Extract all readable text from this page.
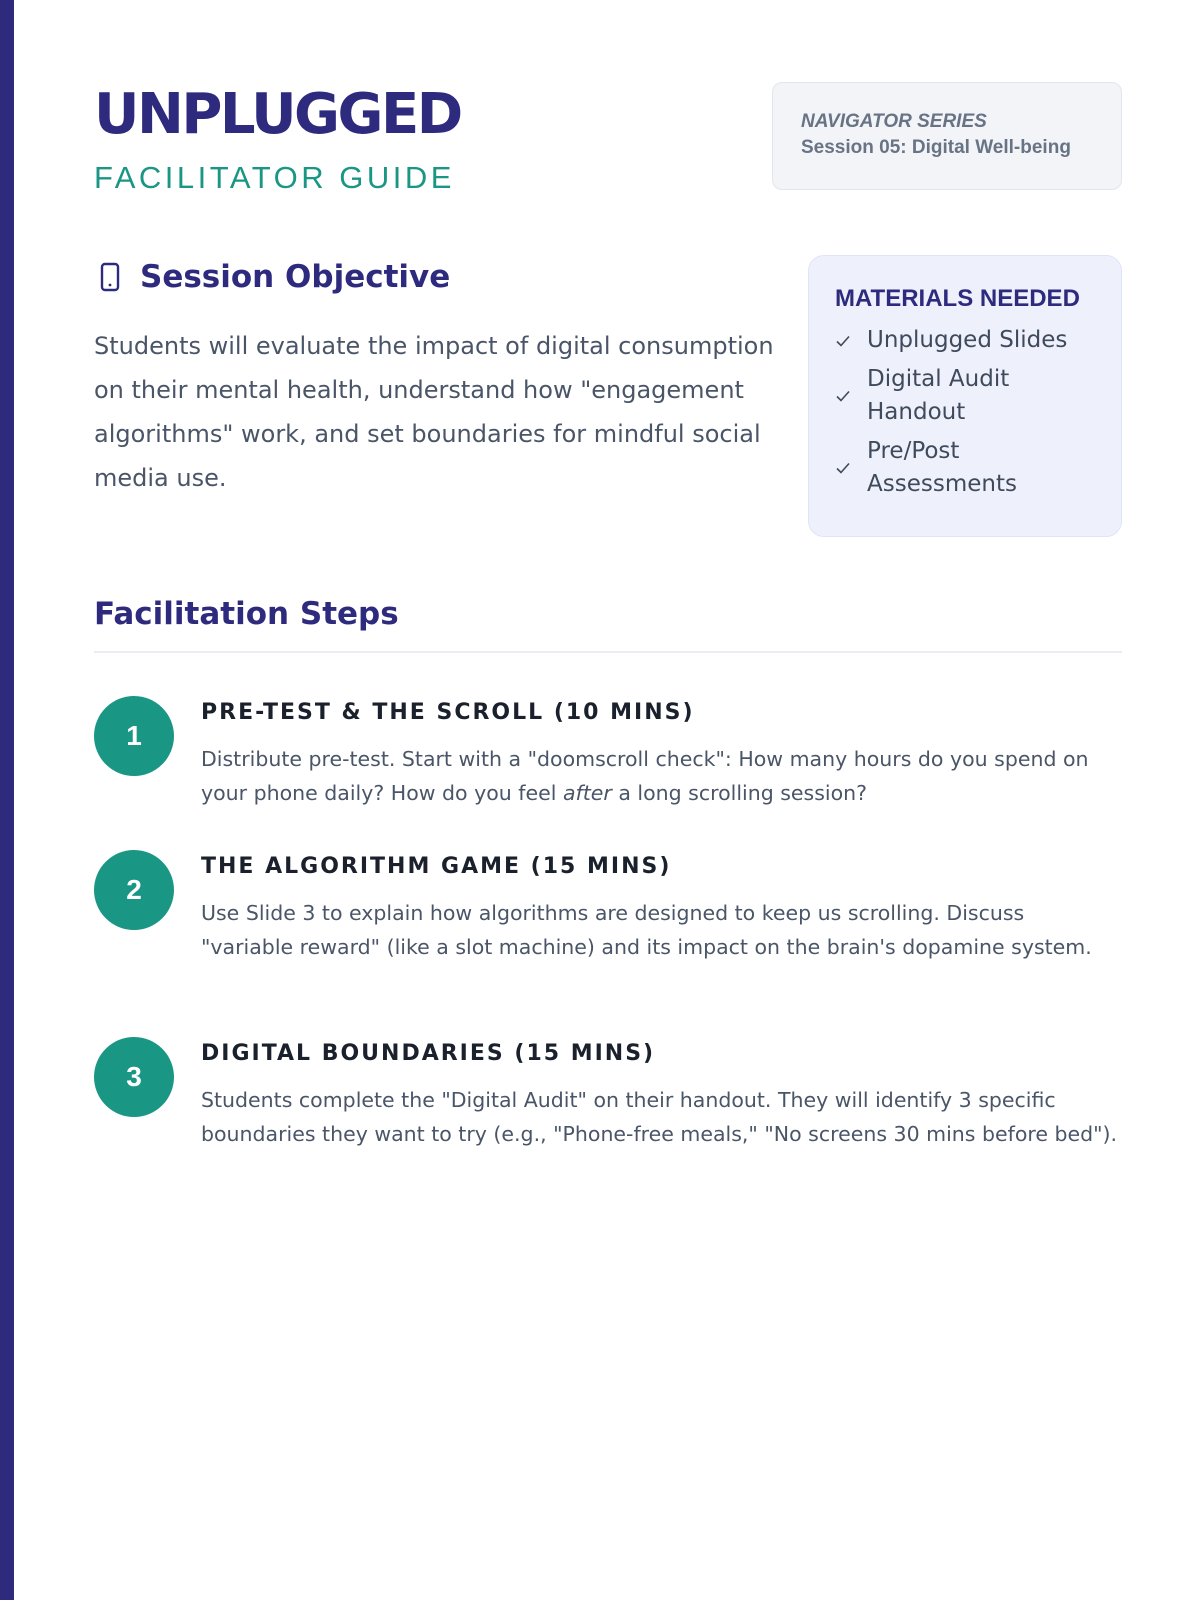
UNPLUGGED
FACILITATOR GUIDE
NAVIGATOR SERIES
Session 05: Digital Well-being
Session Objective

Students will evaluate the impact of digital consumption on their mental health, understand how "engagement algorithms" work, and set boundaries for mindful social media use.

MATERIALS NEEDED
Unplugged Slides
Digital Audit Handout
Pre/Post Assessments
Facilitation Steps
1
PRE-TEST & THE SCROLL (10 MINS)

Distribute pre-test. Start with a "doomscroll check": How many hours do you spend on your phone daily? How do you feel after a long scrolling session?

2
THE ALGORITHM GAME (15 MINS)

Use Slide 3 to explain how algorithms are designed to keep us scrolling. Discuss "variable reward" (like a slot machine) and its impact on the brain's dopamine system.

3
DIGITAL BOUNDARIES (15 MINS)

Students complete the "Digital Audit" on their handout. They will identify 3 specific boundaries they want to try (e.g., "Phone-free meals," "No screens 30 mins before bed").
